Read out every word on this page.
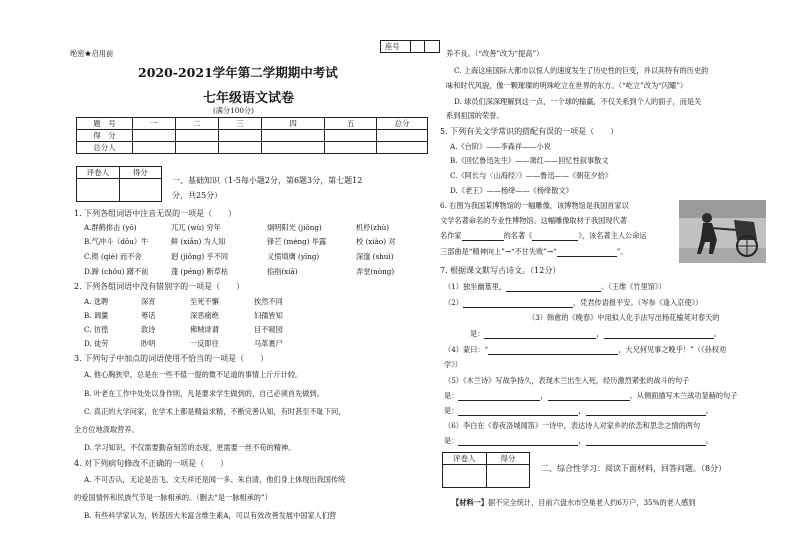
绝密★启用前
座号
2020-2021学年第二学期期中考试
七年级语文试卷
(满分100分)
题　号	一	二	三	四	五	总分
得　分						
总分人						
评卷人	得分

一、基础知识（1-5每小题2分，第6题3分，第七题12
分，共25分）
1. 下列各组词语中注音无误的一项是（　　）
A.群鹤排击 (yǒ)	兀兀 (wù) 穷年	炯明阳光 (jiǒng)	机杼(zhù)
B.气冲斗（dǒu）牛	鲜 (xiǎn) 为人知	锋芒 (méng) 毕露	校 (xiào) 对
C.锲 (qiè) 而不舍	迥 (jiǒng) 乎不同	义愤填膺 (yīng)	深邃 (shuì)
D.蹄 (chǒu) 躇不前	蓬 (péng) 断草枯	掐指(xiā)	弄堂(nòng)
2. 下列各组词语中没有错别字的一项是（　　）
A. 选聘	深宵	至死不懈	挨然不同
B. 调羹	筹话	深恶痛绝	妇孺皆知
C. 彷徨	敦诗	佛贼诽谓	目不窥园
D. 徒劳	眇明	一反即往	马革裹尸
3. 下列句子中加点的词语使用不恰当的一项是（　　）
A. 他心胸狭窄，总是在一些不值一提的微不足道的事情上斤斤计较。
B. 叶老在工作中处处以身作则，凡是要求学生做到的，自己必须首先做到。
C. 真正的大学问家，在学术上都是精益求精，不断完善认知，有时甚至不耻下问，
全方位地汲取营养。
D. 学习知识，不仅需要勤奋刻苦的态度，更需要一丝不苟的精神。
4. 对下列病句修改不正确的一项是（　　）
A. 不可否认，无论是岳飞、文天祥还是闻一多、朱自清，他们身上体现出我国传统
的爱国情怀和民族气节是一脉相承的。（删去“是一脉相承的”）
B. 有些科学家认为，转基因大米富含维生素A，可以有效改善发展中国家人们营
养不良。（“改善”改为“提高”）
C. 上海这座国际大都市以惊人的速度发生了历史性的巨变，并以其特有的历史韵
味和时代风貌，像一颗璀璨的明珠屹立在世界的东方。（“屹立”改为“闪耀”）
D. 球员们深深理解到这一点，一个球的输赢，不仅关系到个人的面子，而是关
系到祖国的荣誉。
5. 下列有关文学常识的搭配有误的一项是（　　）
A.《台阶》——李森祥——小说
B.《回忆鲁迅先生》——萧红——回忆性叙事散文
C.《阿长与〈山海经〉》——鲁迅——《朝花夕拾》
D.《老王》——杨绛——《杨绛散文》
6. 右图为我国某博物馆的一幅雕像，该博物馆是我国首家以
文学名著命名的专业性博物馆。这幅雕像取材于我国现代著
名作家	的名著《	》，该名著主人公命运
三部曲是“精神向上”→“不甘失败”→“	”。
7. 根据课文默写古诗文。（12分）
（1）独坐幽篁里，	。（王维《竹里馆》）
（2）	，凭君传语报平安。（岑参《逢入京使》）
（3）韩愈的《晚春》中用拟人化手法写出杨花榆荚对春天的
是：	，	。
（4）蒙曰：“	，大兄何见事之晚乎！”（《孙权劝
学》）
（5）《木兰诗》写战争持久，表现木兰出生入死，经历激烈紧张的战斗的句子
是：	，	。从侧面描写木兰战功显赫的句子
是：	，	。
（6）李白在《春夜洛城闻笛》一诗中，表达诗人对家乡的依恋和思念之情的两句
是：	，	。
评卷人	得分

二、综合性学习：阅读下面材料，回答问题。（8分）
【材料一】据不完全统计，目前六盘水市空巢老人约6万户，35%的老人感到
